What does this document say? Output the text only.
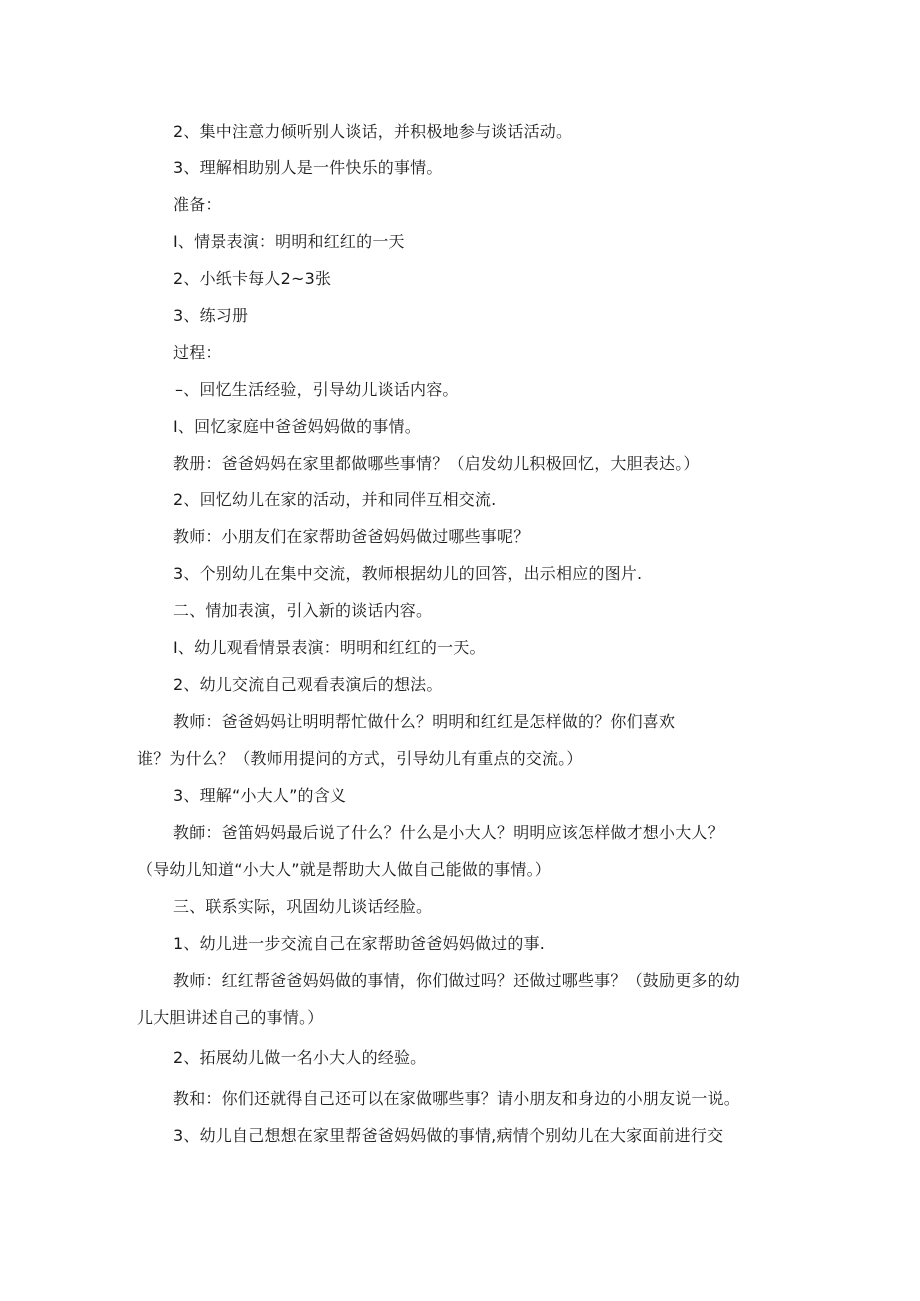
2、集中注意力倾听别人谈话，并积极地参与谈话活动。
3、理解相助别人是一件快乐的事情。
准备：
I、情景表演：明明和红红的一天
2、小纸卡每人2~3张
3、练习册
过程：
–、回忆生活经验，引导幼儿谈话内容。
I、回忆家庭中爸爸妈妈做的事情。
教册：爸爸妈妈在家里都做哪些事情？（启发幼儿积极回忆，大胆表达。）
2、回忆幼儿在家的活动，并和同伴互相交流.
教师：小朋友们在家帮助爸爸妈妈做过哪些事呢？
3、个别幼儿在集中交流，教师根据幼儿的回答，出示相应的图片.
二、情加表演，引入新的谈话内容。
I、幼儿观看情景表演：明明和红红的一天。
2、幼儿交流自己观看表演后的想法。
教师：爸爸妈妈让明明帮忙做什么？明明和红红是怎样做的？你们喜欢
谁？为什么？（教师用提问的方式，引导幼儿有重点的交流。）
3、理解“小大人”的含义
教師：爸笛妈妈最后说了什么？什么是小大人？明明应该怎样做才想小大人？
（导幼儿知道“小大人”就是帮助大人做自己能做的事情。）
三、联系实际，巩固幼儿谈话经脸。
1、幼儿进一步交流自己在家帮助爸爸妈妈做过的事.
教师：红红帮爸爸妈妈做的事情，你们做过吗？还做过哪些事？（鼓励更多的幼
儿大胆讲述自己的事情。）
2、拓展幼儿做一名小大人的经验。
教和：你们还就得自己还可以在家做哪些事？请小朋友和身边的小朋友说一说。
3、幼儿自己想想在家里帮爸爸妈妈做的事情,病情个别幼儿在大家面前进行交
